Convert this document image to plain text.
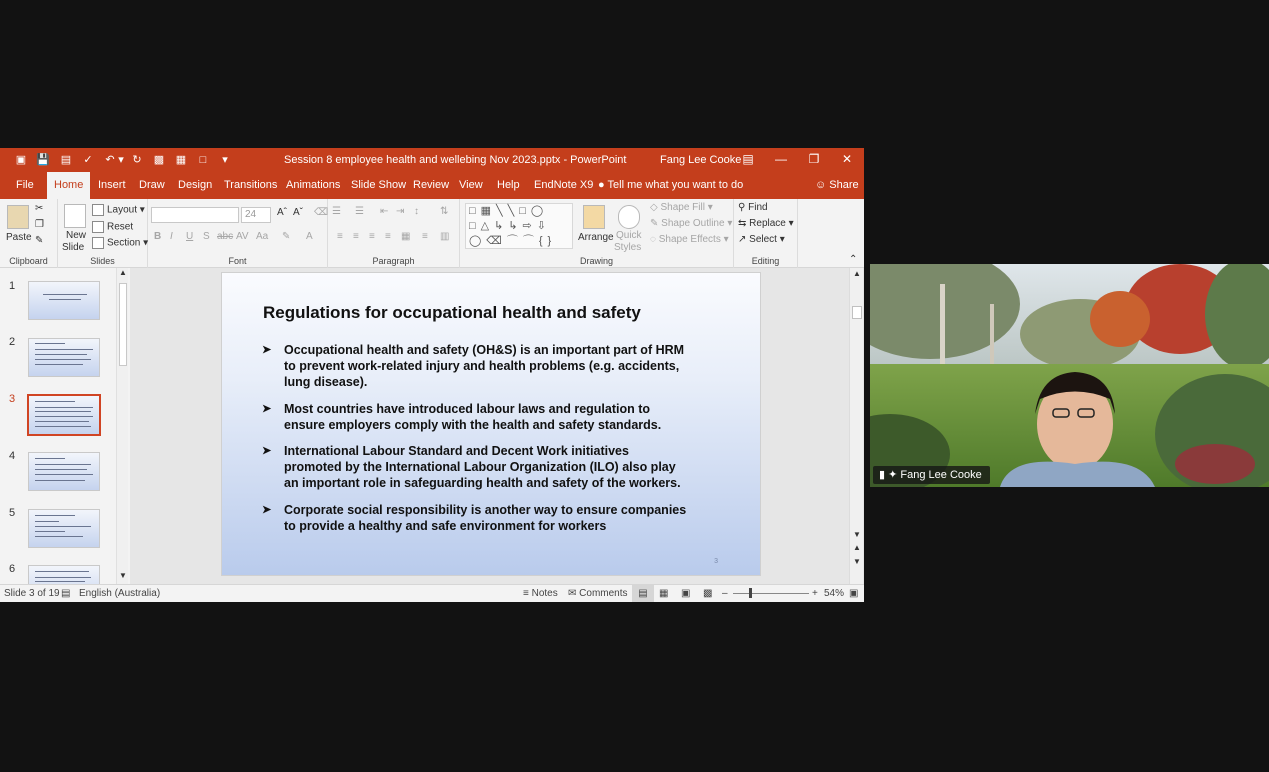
▣ 💾 ▤	✓	↶ ▾ ↻	▩ ▦	□	▾	Session 8 employee health and wellebing Nov 2023.pptx - PowerPoint	Fang Lee Cooke ▤ —	❐	✕
File	Home	Insert	Draw	Design	Transitions Animations Slide Show Review View	Help	EndNote X9 ● Tell me what you want to do	☺ Share
Paste
✂
❐
✎
Clipboard
New
Slide
Layout ▾
Reset
Section ▾
Slides
24	Aˆ Aˇ ⌫
B I U S abc AV Aa ✎ A
Font
☰ ☰ ⇤ ⇥ ↕ ⇅
≡ ≡ ≡ ≡ ▦ ≡ ▥
Paragraph
□▦╲╲□◯
□△↳↳⇨⇩
◯⌫⌒⌒{}	Arrange Quick
Styles
◇ Shape Fill ▾
✎ Shape Outline ▾
◌ Shape Effects ▾
Drawing
⚲ Find
⇆ Replace ▾
↗ Select ▾
Editing	⌃
1
2
3
4
5
6
▲
▼
Regulations for occupational health and safety
➤ Occupational health and safety (OH&S) is an important part of HRM
to prevent work-related injury and health problems (e.g. accidents,
lung disease).
➤ Most countries have introduced labour laws and regulation to
ensure employers comply with the health and safety standards.
➤ International Labour Standard and Decent Work initiatives
promoted by the International Labour Organization (ILO) also play
an important role in safeguarding health and safety of the workers.
➤ Corporate social responsibility is another way to ensure companies
to provide a healthy and safe environment for workers
3
▲
▼
▲
▼
Slide 3 of 19 ▤ English (Australia)	≡ Notes ✉ Comments	▤	▦ ▣ ▩ –	+ 54% ▣
▮ ✦ Fang Lee Cooke
